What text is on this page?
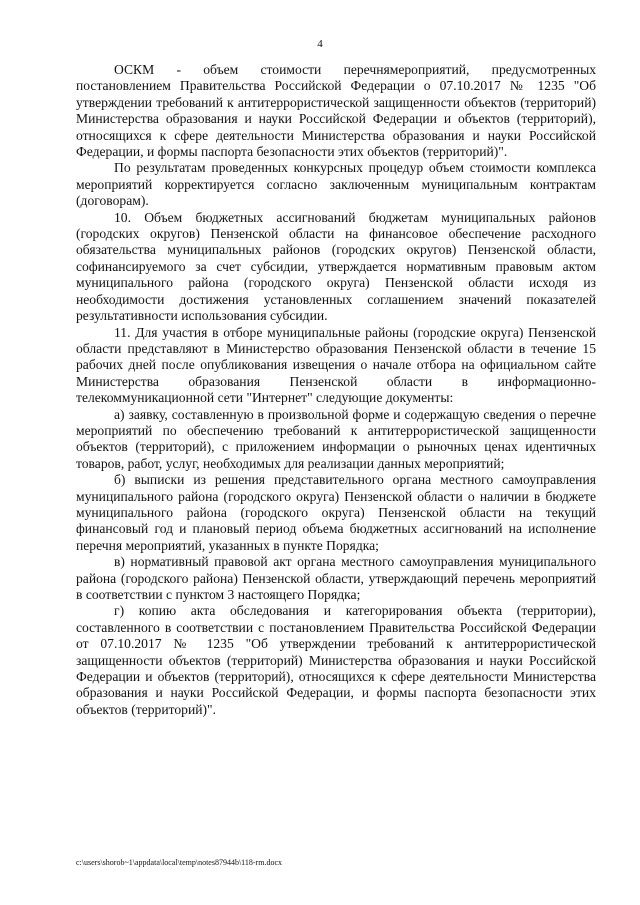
4

ОСКМ - объем стоимости перечнямероприятий, предусмотренных постановлением Правительства Российской Федерации о 07.10.2017 № 1235 "Об утверждении требований к антитеррористической защищенности объектов (территорий) Министерства образования и науки Российской Федерации и объектов (территорий), относящихся к сфере деятельности Министерства образования и науки Российской Федерации, и формы паспорта безопасности этих объектов (территорий)".

По результатам проведенных конкурсных процедур объем стоимости комплекса мероприятий корректируется согласно заключенным муниципальным контрактам (договорам).

10. Объем бюджетных ассигнований бюджетам муниципальных районов (городских округов) Пензенской области на финансовое обеспечение расходного обязательства муниципальных районов (городских округов) Пензенской области, софинансируемого за счет субсидии, утверждается нормативным правовым актом муниципального района (городского округа) Пензенской области исходя из необходимости достижения установленных соглашением значений показателей результативности использования субсидии.

11. Для участия в отборе муниципальные районы (городские округа) Пензенской области представляют в Министерство образования Пензенской области в течение 15 рабочих дней после опубликования извещения о начале отбора на официальном сайте Министерства образования Пензенской области в информационно-телекоммуникационной сети "Интернет" следующие документы:

а) заявку, составленную в произвольной форме и содержащую сведения о перечне мероприятий по обеспечению требований к антитеррористической защищенности объектов (территорий), с приложением информации о рыночных ценах идентичных товаров, работ, услуг, необходимых для реализации данных мероприятий;

б) выписки из решения представительного органа местного самоуправления муниципального района (городского округа) Пензенской области о наличии в бюджете муниципального района (городского округа) Пензенской области на текущий финансовый год и плановый период объема бюджетных ассигнований на исполнение перечня мероприятий, указанных в пункте Порядка;

в) нормативный правовой акт органа местного самоуправления муниципального района (городского района) Пензенской области, утверждающий перечень мероприятий в соответствии с пунктом 3 настоящего Порядка;

г) копию акта обследования и категорирования объекта (территории), составленного в соответствии с постановлением Правительства Российской Федерации от 07.10.2017 № 1235 "Об утверждении требований к антитеррористической защищенности объектов (территорий) Министерства образования и науки Российской Федерации и объектов (территорий), относящихся к сфере деятельности Министерства образования и науки Российской Федерации, и формы паспорта безопасности этих объектов (территорий)".

c:\users\shorob~1\appdata\local\temp\notes87944b\118-rm.docx
